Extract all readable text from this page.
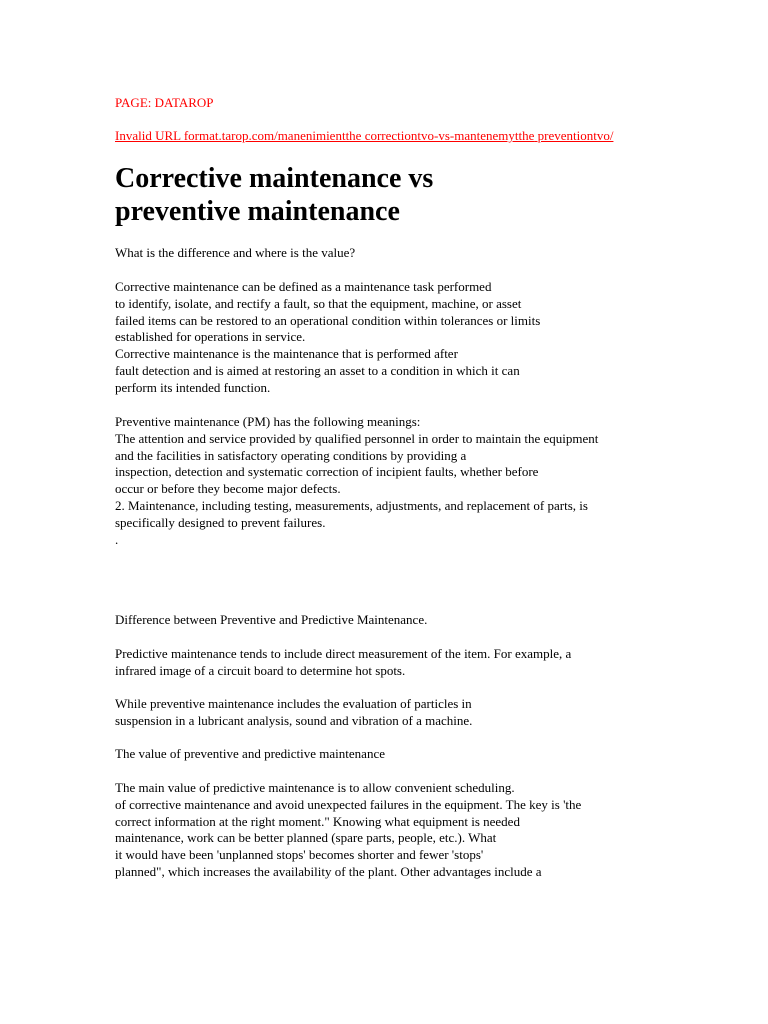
PAGE: DATAROP
Invalid URL format.tarop.com/manenimientthe correctiontvo-vs-mantenemytthe preventiontvo/
Corrective maintenance vs
preventive maintenance
What is the difference and where is the value?
Corrective maintenance can be defined as a maintenance task performed
to identify, isolate, and rectify a fault, so that the equipment, machine, or asset
failed items can be restored to an operational condition within tolerances or limits
established for operations in service.
Corrective maintenance is the maintenance that is performed after
fault detection and is aimed at restoring an asset to a condition in which it can
perform its intended function.
Preventive maintenance (PM) has the following meanings:
The attention and service provided by qualified personnel in order to maintain the equipment
and the facilities in satisfactory operating conditions by providing a
inspection, detection and systematic correction of incipient faults, whether before
occur or before they become major defects.
2. Maintenance, including testing, measurements, adjustments, and replacement of parts, is
specifically designed to prevent failures.
.
Difference between Preventive and Predictive Maintenance.
Predictive maintenance tends to include direct measurement of the item. For example, a
infrared image of a circuit board to determine hot spots.
While preventive maintenance includes the evaluation of particles in
suspension in a lubricant analysis, sound and vibration of a machine.
The value of preventive and predictive maintenance
The main value of predictive maintenance is to allow convenient scheduling.
of corrective maintenance and avoid unexpected failures in the equipment. The key is 'the
correct information at the right moment." Knowing what equipment is needed
maintenance, work can be better planned (spare parts, people, etc.). What
it would have been 'unplanned stops' becomes shorter and fewer 'stops'
planned", which increases the availability of the plant. Other advantages include a
